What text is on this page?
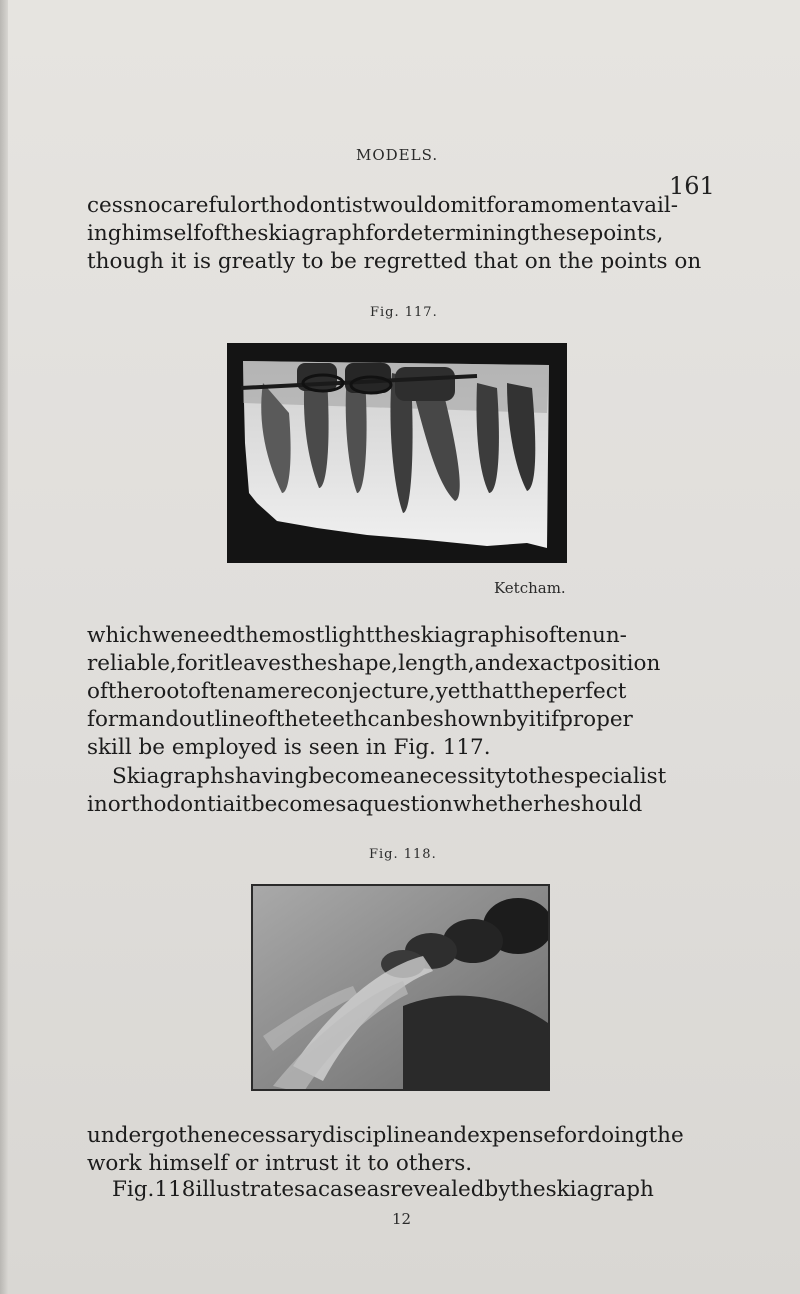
MODELS.
161
cessnocarefulorthodontistwouldomitforamomentavail-
inghimselfoftheskiagraphfordeterminingthesepoints,
though it is greatly to be regretted that on the points on
Fig. 117.
Ketcham.
whichweneedthemostlighttheskiagraphisoftenun-
reliable,foritleavestheshape,length,andexactposition
oftherootoftenamereconjecture,yetthattheperfect
formandoutlineoftheteethcanbeshownbyitifproper
skill be employed is seen in Fig. 117.
Skiagraphshavingbecomeanecessitytothespecialist
inorthodontiaitbecomesaquestionwhetherheshould
Fig. 118.
undergothenecessarydisciplineandexpensefordoingthe
work himself or intrust it to others.
Fig.118illustratesacaseasrevealedbytheskiagraph
12
